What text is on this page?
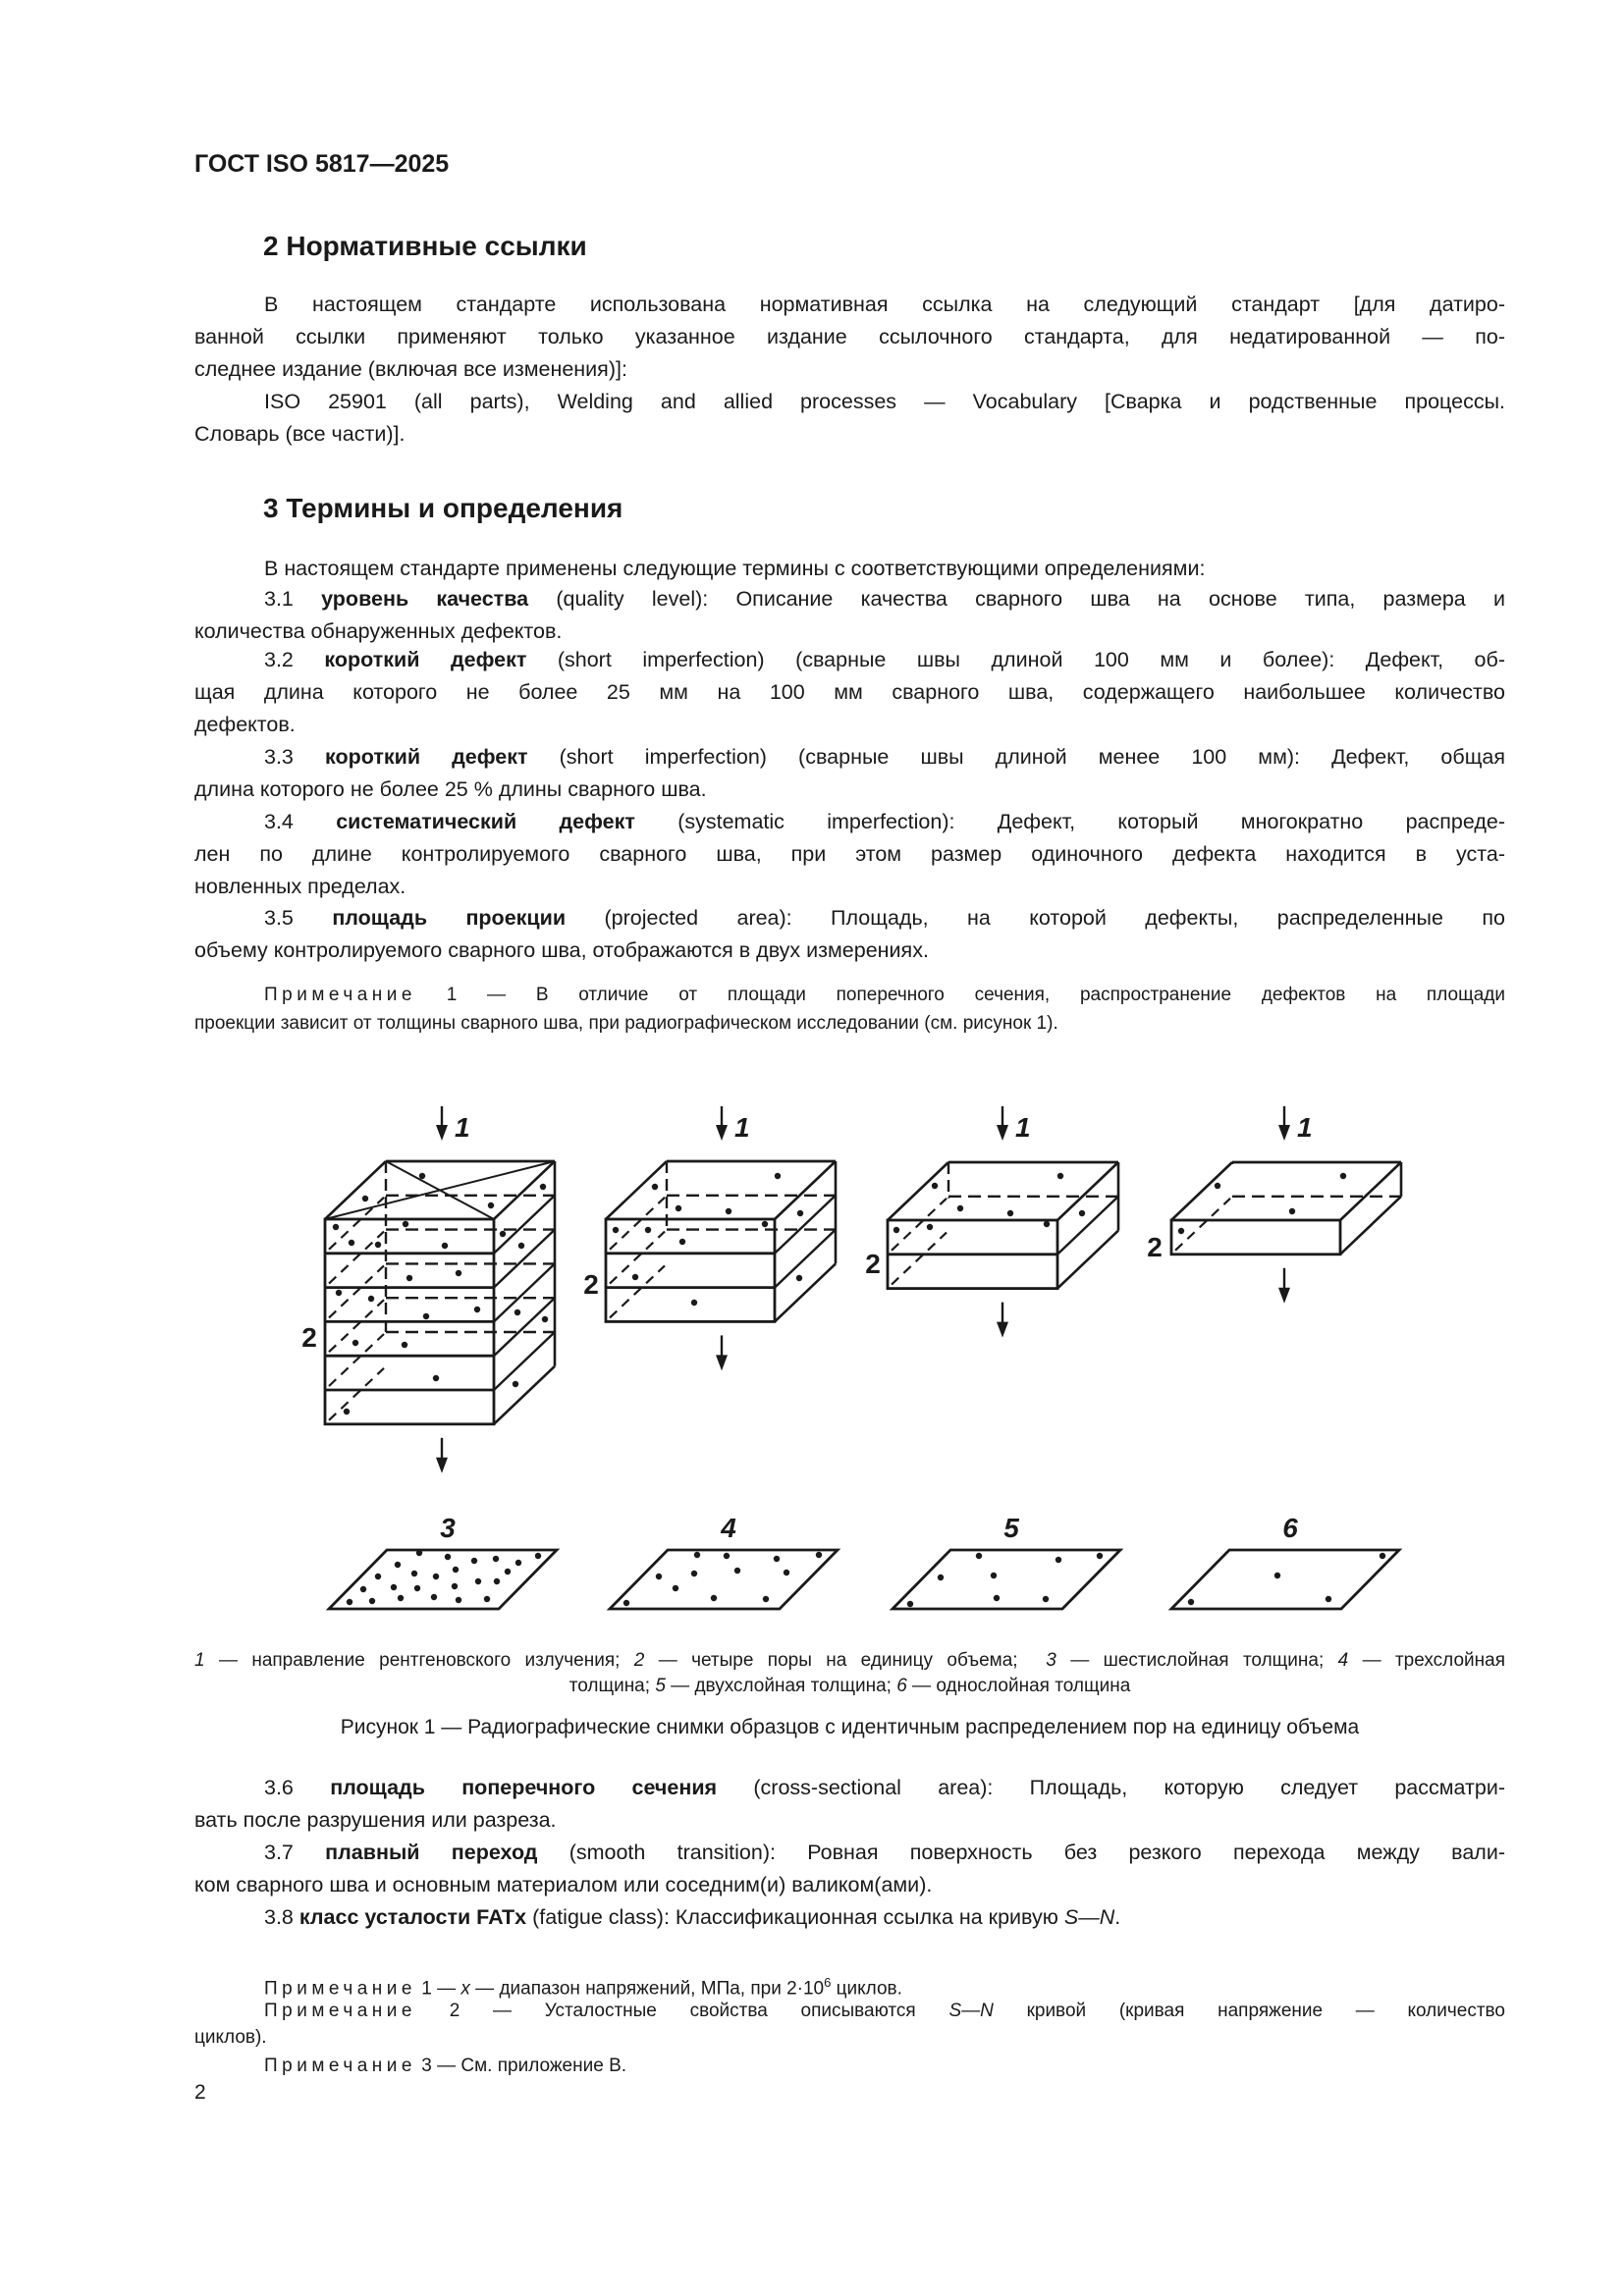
ГОСТ ISO 5817—2025
2 Нормативные ссылки
В настоящем стандарте использована нормативная ссылка на следующий стандарт [для датиро-
ванной ссылки применяют только указанное издание ссылочного стандарта, для недатированной — по-
следнее издание (включая все изменения)]:
ISO 25901 (all parts), Welding and allied processes — Vocabulary [Сварка и родственные процессы.
Словарь (все части)].
3 Термины и определения
В настоящем стандарте применены следующие термины с соответствующими определениями:
3.1 уровень качества (quality level): Описание качества сварного шва на основе типа, размера и
количества обнаруженных дефектов.
3.2 короткий дефект (short imperfection) (сварные швы длиной 100 мм и более): Дефект, об-
щая длина которого не более 25 мм на 100 мм сварного шва, содержащего наибольшее количество
дефектов.
3.3 короткий дефект (short imperfection) (сварные швы длиной менее 100 мм): Дефект, общая
длина которого не более 25 % длины сварного шва.
3.4 систематический дефект (systematic imperfection): Дефект, который многократно распреде-
лен по длине контролируемого сварного шва, при этом размер одиночного дефекта находится в уста-
новленных пределах.
3.5 площадь проекции (projected area): Площадь, на которой дефекты, распределенные по
объему контролируемого сварного шва, отображаются в двух измерениях.
Примечание 1 — В отличие от площади поперечного сечения, распространение дефектов на площади
проекции зависит от толщины сварного шва, при радиографическом исследовании (см. рисунок 1).
1
2
1
2
1
2
1
2
3	4	5	6
1 — направление рентгеновского излучения; 2 — четыре поры на единицу объема;  3 — шестислойная толщина; 4 — трехслойная
толщина; 5 — двухслойная толщина; 6 — однослойная толщина
Рисунок 1 — Радиографические снимки образцов с идентичным распределением пор на единицу объема
3.6 площадь поперечного сечения (cross-sectional area): Площадь, которую следует рассматри-
вать после разрушения или разреза.
3.7 плавный переход (smooth transition): Ровная поверхность без резкого перехода между вали-
ком сварного шва и основным материалом или соседним(и) валиком(ами).
3.8 класс усталости FATx (fatigue class): Классификационная ссылка на кривую S—N.
Примечание 1 — x — диапазон напряжений, МПа, при $2\cdot 10^6$ циклов.
Примечание 2 — Усталостные свойства описываются S—N кривой (кривая напряжение — количество
циклов).
Примечание 3 — См. приложение В.
2
